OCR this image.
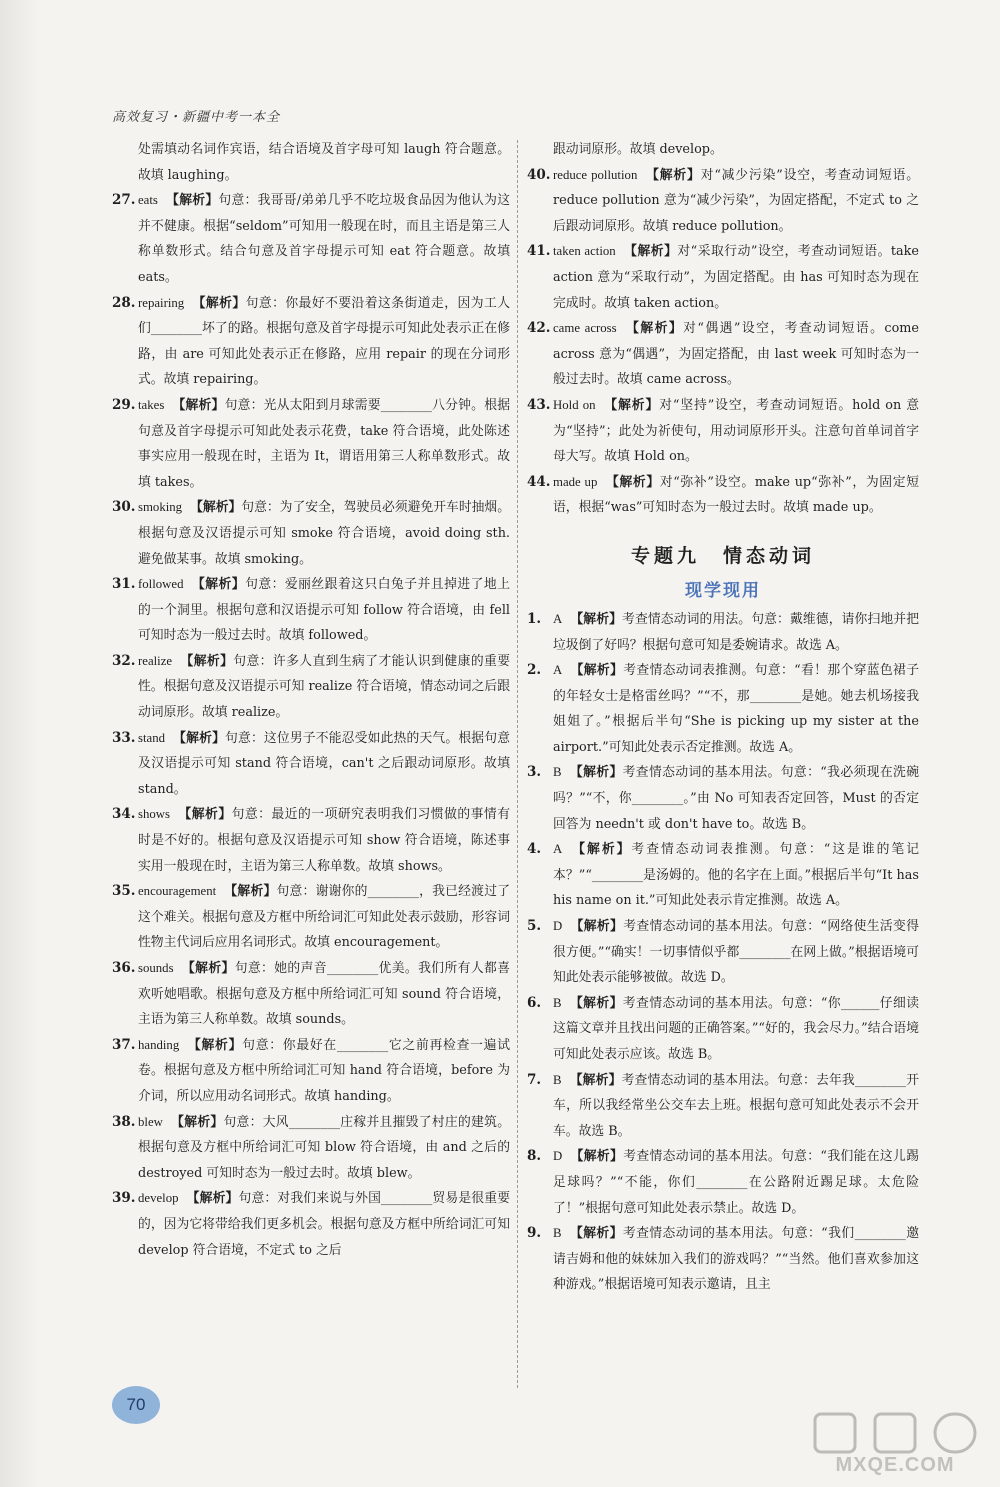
高效复习・新疆中考一本全

处需填动名词作宾语，结合语境及首字母可知 laugh 符合题意。故填 laughing。

27. eats 【解析】句意：我哥哥/弟弟几乎不吃垃圾食品因为他认为这并不健康。根据“seldom”可知用一般现在时，而且主语是第三人称单数形式。结合句意及首字母提示可知 eat 符合题意。故填 eats。

28. repairing 【解析】句意：你最好不要沿着这条街道走，因为工人们________坏了的路。根据句意及首字母提示可知此处表示正在修路，由 are 可知此处表示正在修路，应用 repair 的现在分词形式。故填 repairing。

29. takes 【解析】句意：光从太阳到月球需要________八分钟。根据句意及首字母提示可知此处表示花费，take 符合语境，此处陈述事实应用一般现在时，主语为 It，谓语用第三人称单数形式。故填 takes。

30. smoking 【解析】句意：为了安全，驾驶员必须避免开车时抽烟。根据句意及汉语提示可知 smoke 符合语境，avoid doing sth. 避免做某事。故填 smoking。

31. followed 【解析】句意：爱丽丝跟着这只白兔子并且掉进了地上的一个洞里。根据句意和汉语提示可知 follow 符合语境，由 fell 可知时态为一般过去时。故填 followed。

32. realize 【解析】句意：许多人直到生病了才能认识到健康的重要性。根据句意及汉语提示可知 realize 符合语境，情态动词之后跟动词原形。故填 realize。

33. stand 【解析】句意：这位男子不能忍受如此热的天气。根据句意及汉语提示可知 stand 符合语境，can't 之后跟动词原形。故填 stand。

34. shows 【解析】句意：最近的一项研究表明我们习惯做的事情有时是不好的。根据句意及汉语提示可知 show 符合语境，陈述事实用一般现在时，主语为第三人称单数。故填 shows。

35. encouragement 【解析】句意：谢谢你的________，我已经渡过了这个难关。根据句意及方框中所给词汇可知此处表示鼓励，形容词性物主代词后应用名词形式。故填 encouragement。

36. sounds 【解析】句意：她的声音________优美。我们所有人都喜欢听她唱歌。根据句意及方框中所给词汇可知 sound 符合语境，主语为第三人称单数。故填 sounds。

37. handing 【解析】句意：你最好在________它之前再检查一遍试卷。根据句意及方框中所给词汇可知 hand 符合语境，before 为介词，所以应用动名词形式。故填 handing。

38. blew 【解析】句意：大风________庄稼并且摧毁了村庄的建筑。根据句意及方框中所给词汇可知 blow 符合语境，由 and 之后的 destroyed 可知时态为一般过去时。故填 blew。

39. develop 【解析】句意：对我们来说与外国________贸易是很重要的，因为它将带给我们更多机会。根据句意及方框中所给词汇可知 develop 符合语境，不定式 to 之后

跟动词原形。故填 develop。

40. reduce pollution 【解析】对“减少污染”设空，考查动词短语。reduce pollution 意为“减少污染”，为固定搭配，不定式 to 之后跟动词原形。故填 reduce pollution。

41. taken action 【解析】对“采取行动”设空，考查动词短语。take action 意为“采取行动”，为固定搭配。由 has 可知时态为现在完成时。故填 taken action。

42. came across 【解析】对“偶遇”设空，考查动词短语。come across 意为“偶遇”，为固定搭配，由 last week 可知时态为一般过去时。故填 came across。

43. Hold on 【解析】对“坚持”设空，考查动词短语。hold on 意为“坚持”；此处为祈使句，用动词原形开头。注意句首单词首字母大写。故填 Hold on。

44. made up 【解析】对“弥补”设空。make up“弥补”，为固定短语，根据“was”可知时态为一般过去时。故填 made up。

专题九　情态动词
现学现用

1. A 【解析】考查情态动词的用法。句意：戴维德，请你扫地并把垃圾倒了好吗？根据句意可知是委婉请求。故选 A。

2. A 【解析】考查情态动词表推测。句意：“看！那个穿蓝色裙子的年轻女士是格雷丝吗？”“不，那________是她。她去机场接我姐姐了。”根据后半句“She is picking up my sister at the airport.”可知此处表示否定推测。故选 A。

3. B 【解析】考查情态动词的基本用法。句意：“我必须现在洗碗吗？”“不，你________。”由 No 可知表否定回答，Must 的否定回答为 needn't 或 don't have to。故选 B。

4. A 【解析】考查情态动词表推测。句意：“这是谁的笔记本？”“________是汤姆的。他的名字在上面。”根据后半句“It has his name on it.”可知此处表示肯定推测。故选 A。

5. D 【解析】考查情态动词的基本用法。句意：“网络使生活变得很方便。”“确实！一切事情似乎都________在网上做。”根据语境可知此处表示能够被做。故选 D。

6. B 【解析】考查情态动词的基本用法。句意：“你______仔细读这篇文章并且找出问题的正确答案。”“好的，我会尽力。”结合语境可知此处表示应该。故选 B。

7. B 【解析】考查情态动词的基本用法。句意：去年我________开车，所以我经常坐公交车去上班。根据句意可知此处表示不会开车。故选 B。

8. D 【解析】考查情态动词的基本用法。句意：“我们能在这儿踢足球吗？”“不能，你们________在公路附近踢足球。太危险了！”根据句意可知此处表示禁止。故选 D。

9. B 【解析】考查情态动词的基本用法。句意：“我们________邀请吉姆和他的妹妹加入我们的游戏吗？”“当然。他们喜欢参加这种游戏。”根据语境可知表示邀请，且主

70
MXQE.COM
